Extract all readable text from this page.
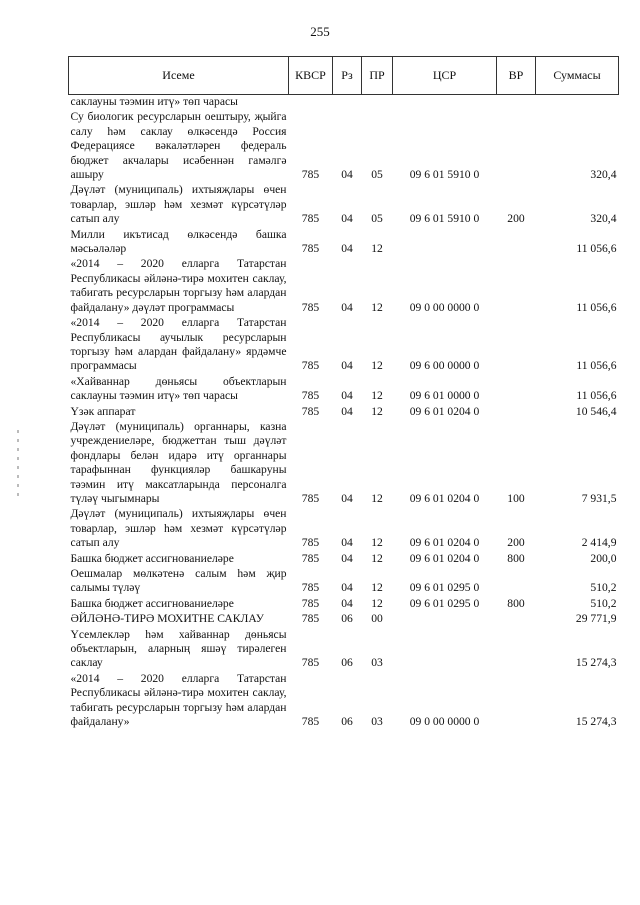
255
Исеме	КВСР	Рз	ПР	ЦСР	ВР	Суммасы
саклауны тәэмин итү» төп чарасы						
Су биологик ресурсларын оештыру, җыйга салу һәм саклау өлкәсендә Россия Федерациясе вәкаләтләрен федераль бюджет акчалары исәбеннән гамәлгә ашыру	785	04	05	09 6 01 5910 0		320,4
Дәүләт (муниципаль) ихтыяҗлары өчен товарлар, эшләр һәм хезмәт күрсәтүләр сатып алу	785	04	05	09 6 01 5910 0	200	320,4
Милли икътисад өлкәсендә башка мәсьәләләр	785	04	12			11 056,6
«2014 – 2020 елларга Татарстан Республикасы әйләнә-тирә мохитен саклау, табигать ресурсларын торгызу һәм алардан файдалану» дәүләт программасы	785	04	12	09 0 00 0000 0		11 056,6
«2014 – 2020 елларга Татарстан Республикасы аучылык ресурсларын торгызу һәм алардан файдалану» ярдәмче программасы	785	04	12	09 6 00 0000 0		11 056,6
«Хайваннар дөньясы объектларын саклауны тәэмин итү» төп чарасы	785	04	12	09 6 01 0000 0		11 056,6
Үзәк аппарат	785	04	12	09 6 01 0204 0		10 546,4
Дәүләт (муниципаль) органнары, казна учреждениеләре, бюджеттан тыш дәүләт фондлары белән идарә итү органнары тарафыннан функцияләр башкаруны тәэмин итү максатларында персоналга түләү чыгымнары	785	04	12	09 6 01 0204 0	100	7 931,5
Дәүләт (муниципаль) ихтыяҗлары өчен товарлар, эшләр һәм хезмәт күрсәтүләр сатып алу	785	04	12	09 6 01 0204 0	200	2 414,9
Башка бюджет ассигнованиеләре	785	04	12	09 6 01 0204 0	800	200,0
Оешмалар мөлкәтенә салым һәм җир салымы түләү	785	04	12	09 6 01 0295 0		510,2
Башка бюджет ассигнованиеләре	785	04	12	09 6 01 0295 0	800	510,2
ӘЙЛӘНӘ-ТИРӘ МОХИТНЕ САКЛАУ	785	06	00			29 771,9
Үсемлекләр һәм хайваннар дөньясы объектларын, аларның яшәү тирәлеген саклау	785	06	03			15 274,3
«2014 – 2020 елларга Татарстан Республикасы әйләнә-тирә мохитен саклау, табигать ресурсларын торгызу һәм алардан файдалану»	785	06	03	09 0 00 0000 0		15 274,3
